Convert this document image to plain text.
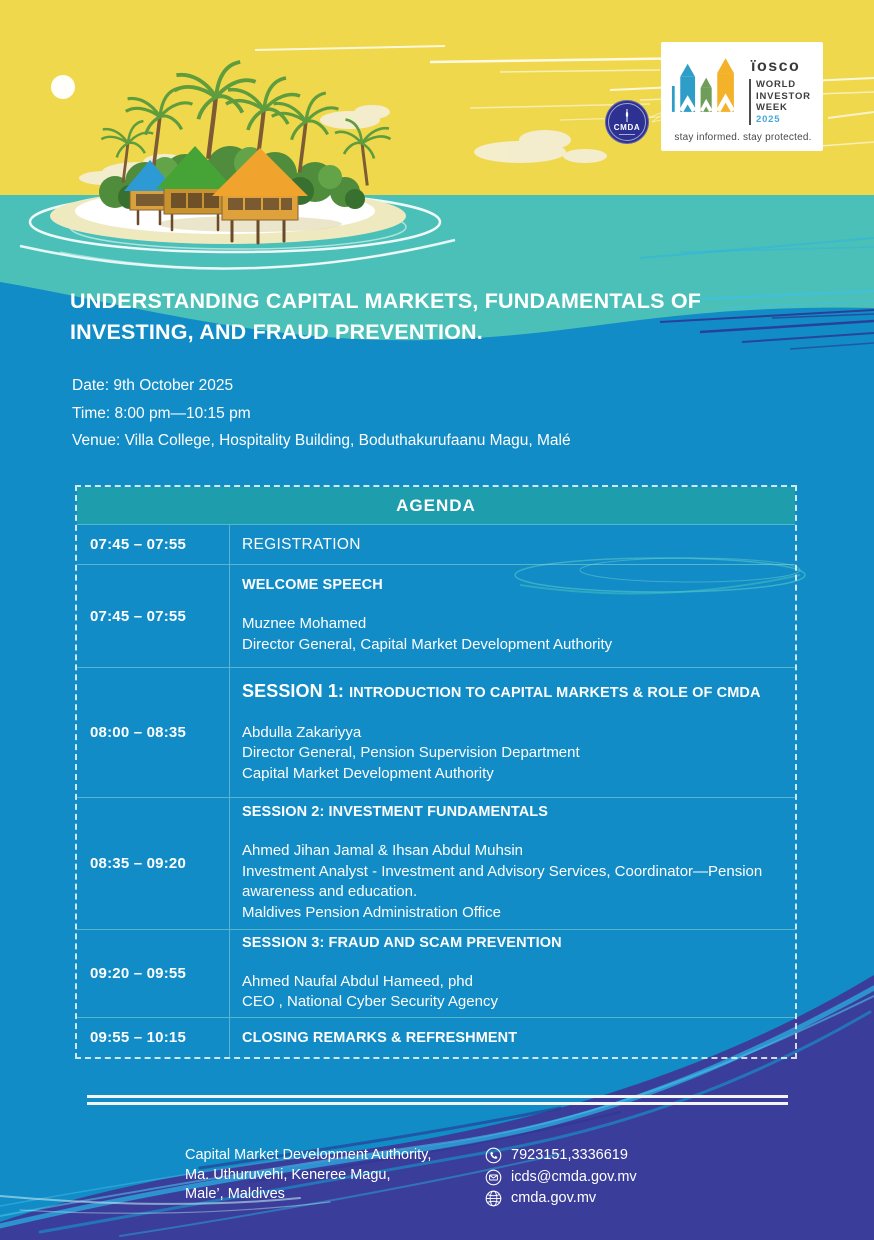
CMDA
ïosco
WORLD
INVESTOR
WEEK 2025
stay informed. stay protected.
UNDERSTANDING CAPITAL MARKETS, FUNDAMENTALS OF INVESTING, AND FRAUD PREVENTION.

Date: 9th October 2025

Time: 8:00 pm—10:15 pm

Venue: Villa College, Hospitality Building, Boduthakurufaanu Magu, Malé

AGENDA
07:45 – 07:55	REGISTRATION
07:45 – 07:55
WELCOME SPEECH
Muznee Mohamed
Director General, Capital Market Development Authority
08:00 – 08:35
SESSION 1: INTRODUCTION TO CAPITAL MARKETS & ROLE OF CMDA
Abdulla Zakariyya
Director General, Pension Supervision Department
Capital Market Development Authority
08:35 – 09:20
SESSION 2: INVESTMENT FUNDAMENTALS
Ahmed Jihan Jamal & Ihsan Abdul Muhsin
Investment Analyst - Investment and Advisory Services, Coordinator—Pension awareness and education.
Maldives Pension Administration Office
09:20 – 09:55
SESSION 3: FRAUD AND SCAM PREVENTION
Ahmed Naufal Abdul Hameed, phd
CEO , National Cyber Security Agency
09:55 – 10:15	CLOSING REMARKS & REFRESHMENT
Capital Market Development Authority,
Ma. Uthuruvehi, Keneree Magu,
Male’, Maldives
7923151,3336619
icds@cmda.gov.mv
cmda.gov.mv
